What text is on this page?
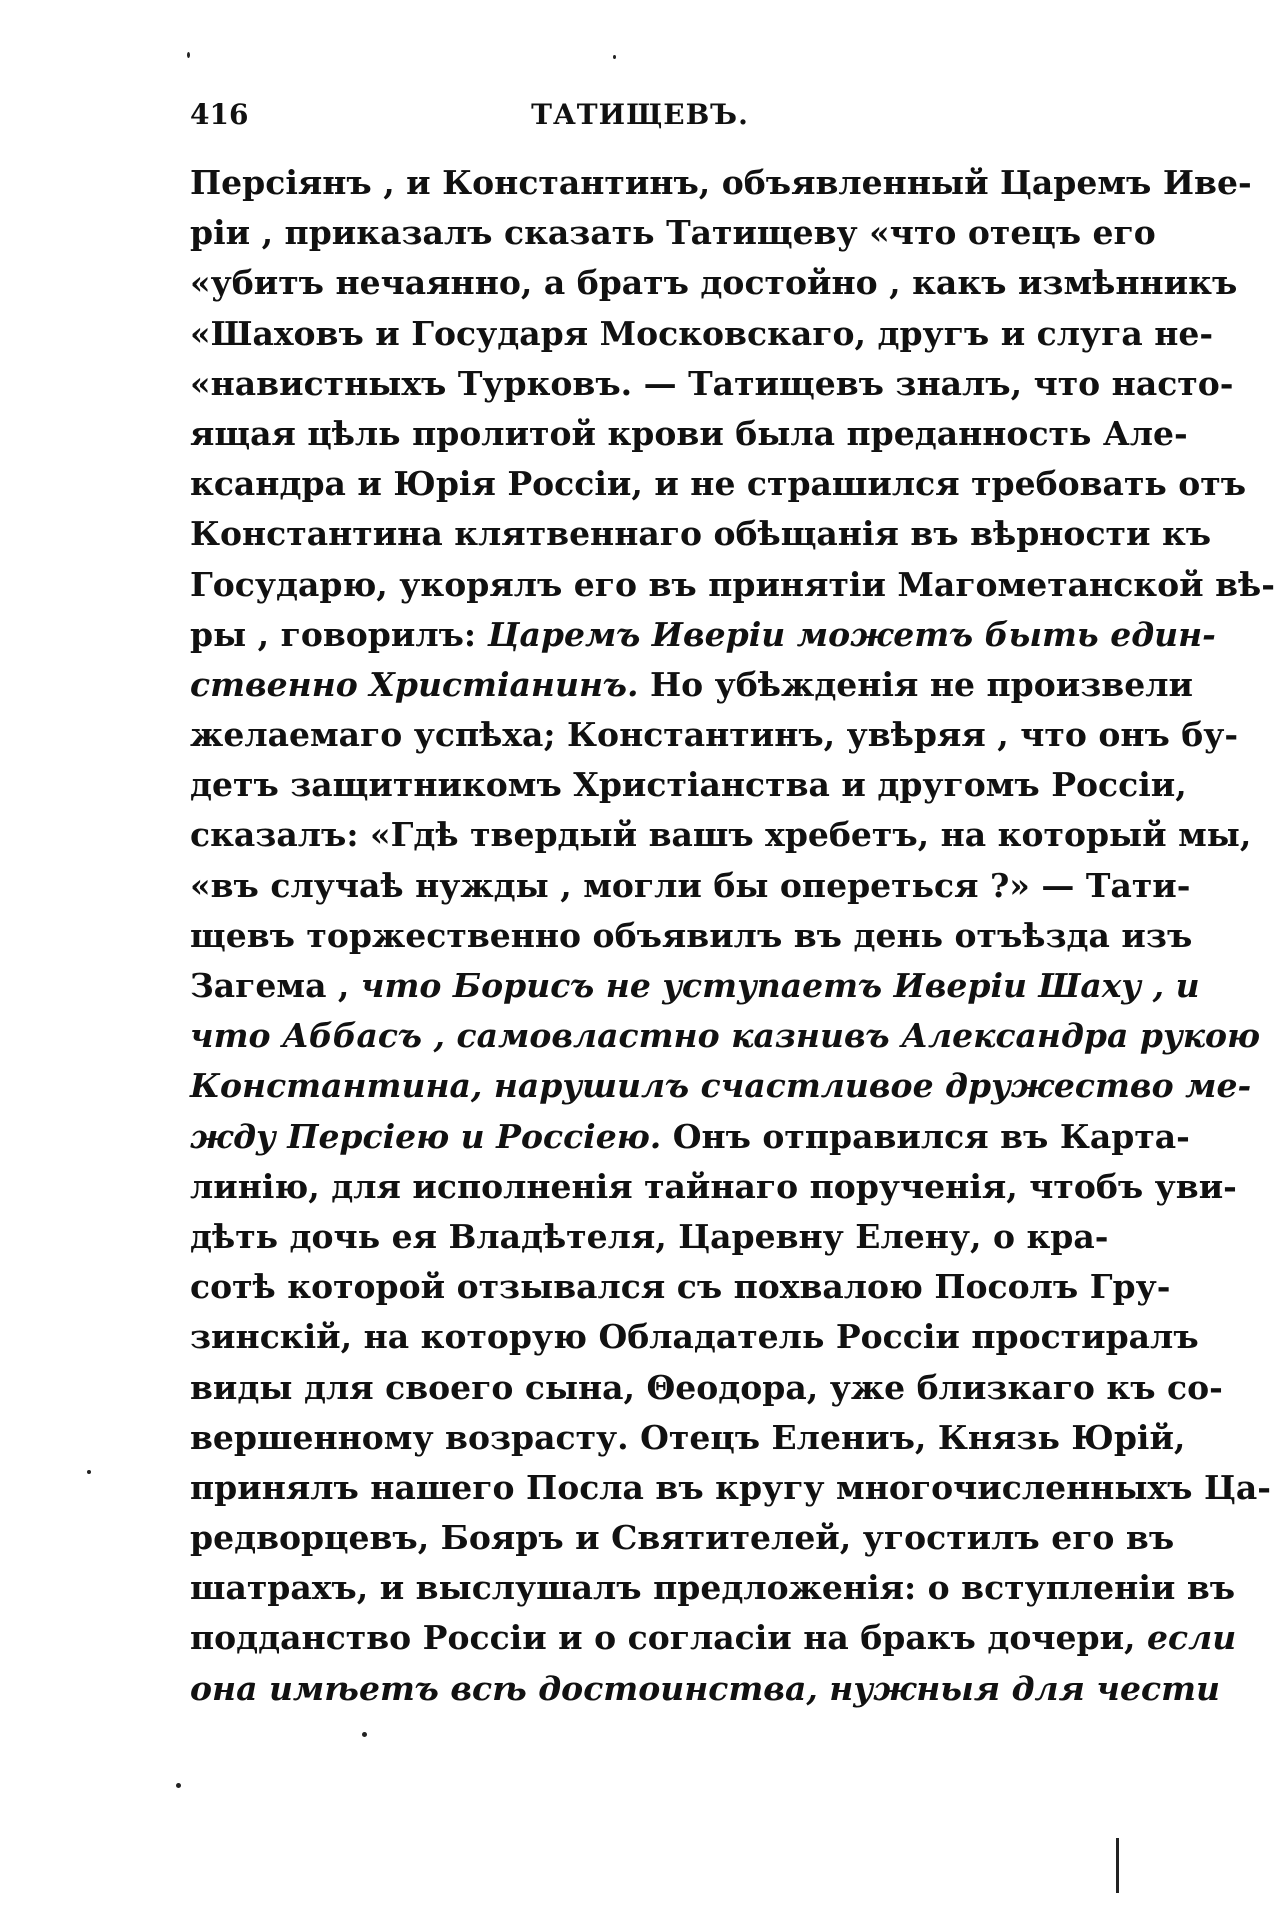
416	ТАТИЩЕВЪ.
Персіянъ , и Константинъ, объявленный Царемъ Иве-
ріи , приказалъ сказать Татищеву «что отецъ его
«убитъ нечаянно, а братъ достойно , какъ измѣнникъ
«Шаховъ и Государя Московскаго, другъ и слуга не-
«навистныхъ Турковъ. — Татищевъ зналъ, что насто-
ящая цѣль пролитой крови была преданность Але-
ксандра и Юрія Россіи, и не страшился требовать отъ
Константина клятвеннаго обѣщанія въ вѣрности къ
Государю, укорялъ его въ принятіи Магометанской вѣ-
ры , говорилъ: Царемъ Иверіи можетъ быть един-
ственно Христіанинъ. Но убѣжденія не произвели
желаемаго успѣха; Константинъ, увѣряя , что онъ бу-
детъ защитникомъ Христіанства и другомъ Россіи,
сказалъ: «Гдѣ твердый вашъ хребетъ, на который мы,
«въ случаѣ нужды , могли бы опереться ?» — Тати-
щевъ торжественно объявилъ въ день отъѣзда изъ
Загема , что Борисъ не уступаетъ Иверіи Шаху , и
что Аббасъ , самовластно казнивъ Александра рукою
Константина, нарушилъ счастливое дружество ме-
жду Персіею и Россіею. Онъ отправился въ Карта-
линію, для исполненія тайнаго порученія, чтобъ уви-
дѣть дочь ея Владѣтеля, Царевну Елену, о кра-
сотѣ которой отзывался съ похвалою Посолъ Гру-
зинскій, на которую Обладатель Россіи простиралъ
виды для своего сына, Θеодора, уже близкаго къ со-
вершенному возрасту. Отецъ Елениъ, Князь Юрій,
принялъ нашего Посла въ кругу многочисленныхъ Ца-
редворцевъ, Бояръ и Святителей, угостилъ его въ
шатрахъ, и выслушалъ предложенія: о вступленіи въ
подданство Россіи и о согласіи на бракъ дочери, если
она имѣетъ всѣ достоинства, нужныя для чести
